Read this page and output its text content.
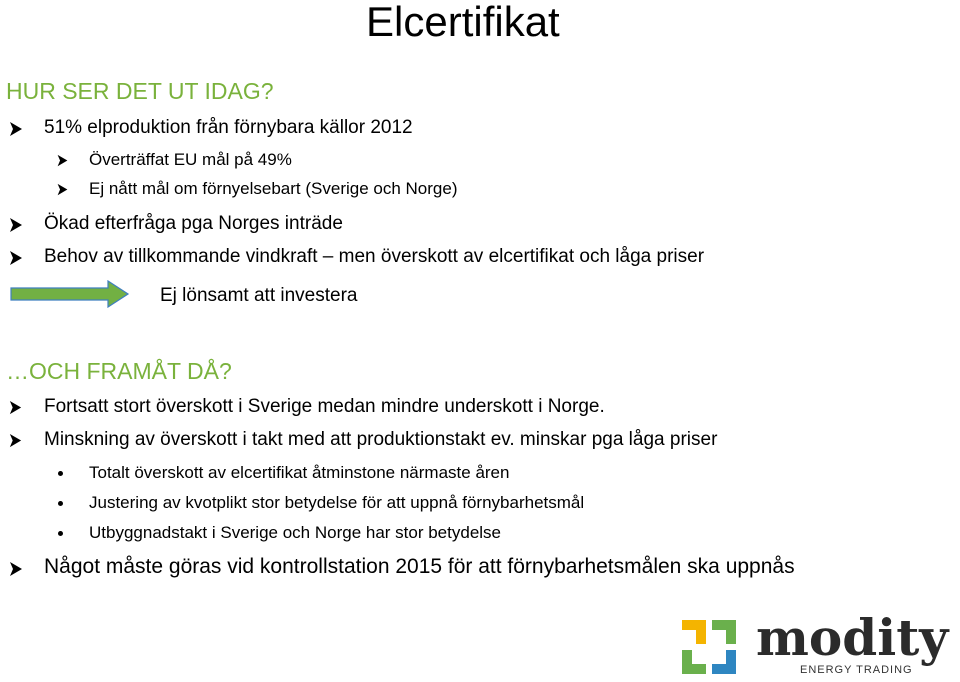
Elcertifikat
HUR SER DET UT IDAG?
51% elproduktion från förnybara källor 2012
Överträffat EU mål på 49%
Ej nått mål om förnyelsebart (Sverige och Norge)
Ökad efterfråga pga Norges inträde
Behov av tillkommande vindkraft – men överskott av elcertifikat och låga priser
Ej lönsamt att investera
…OCH FRAMÅT DÅ?
Fortsatt stort överskott i Sverige medan mindre underskott i Norge.
Minskning av överskott i takt med att produktionstakt ev. minskar pga låga priser
Totalt överskott av elcertifikat åtminstone närmaste åren
Justering av kvotplikt stor betydelse för att uppnå förnybarhetsmål
Utbyggnadstakt i Sverige och Norge har stor betydelse
Något måste göras vid kontrollstation 2015 för att förnybarhetsmålen ska uppnås
modity
ENERGY TRADING
